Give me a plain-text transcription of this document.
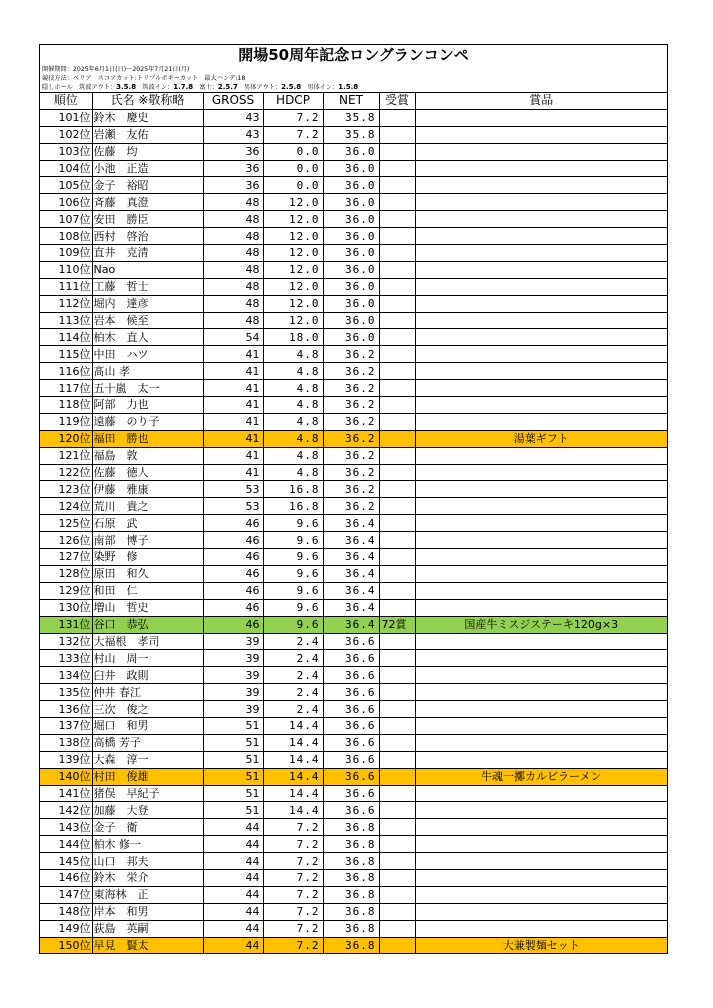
開場50周年記念ロングランコンペ
開催期間：2025年6月1日(日)～2025年7月21日(月)
競技方法：ペリア　スコアカット:トリプルボギーカット　最大ハンデ:18
隠しホール　筑波アウト：3.5.8　筑波イン：1.7.8　富士：2.5.7　男体アウト：2.5.8　男体イン：1.5.8
順位	氏名 ※敬称略	GROSS	HDCP	NET	受賞	賞品
101位	鈴木　慶史	43	7.2	35.8		
102位	岩瀬　友佑	43	7.2	35.8		
103位	佐藤　均	36	0.0	36.0		
104位	小池　正造	36	0.0	36.0		
105位	金子　裕昭	36	0.0	36.0		
106位	斉藤　真澄	48	12.0	36.0		
107位	安田　勝臣	48	12.0	36.0		
108位	西村　啓治	48	12.0	36.0		
109位	直井　克清	48	12.0	36.0		
110位	Nao	48	12.0	36.0		
111位	工藤　哲士	48	12.0	36.0		
112位	堀内　達彦	48	12.0	36.0		
113位	岩本　候至	48	12.0	36.0		
114位	柏木　直人	54	18.0	36.0		
115位	中田　ハツ	41	4.8	36.2		
116位	髙山 孝	41	4.8	36.2		
117位	五十嵐　太一	41	4.8	36.2		
118位	阿部　力也	41	4.8	36.2		
119位	遠藤　のり子	41	4.8	36.2		
120位	福田　勝也	41	4.8	36.2		湯葉ギフト
121位	福島　敦	41	4.8	36.2		
122位	佐藤　徳人	41	4.8	36.2		
123位	伊藤　雅康	53	16.8	36.2		
124位	荒川　貴之	53	16.8	36.2		
125位	石原　武	46	9.6	36.4		
126位	南部　博子	46	9.6	36.4		
127位	染野　修	46	9.6	36.4		
128位	原田　和久	46	9.6	36.4		
129位	和田　仁	46	9.6	36.4		
130位	増山　哲史	46	9.6	36.4		
131位	谷口　恭弘	46	9.6	36.4	72賞	国産牛ミスジステーキ120g×3
132位	大福根　孝司	39	2.4	36.6		
133位	村山　周一	39	2.4	36.6		
134位	臼井　政則	39	2.4	36.6		
135位	仲井 春江	39	2.4	36.6		
136位	三次　俊之	39	2.4	36.6		
137位	堀口　和男	51	14.4	36.6		
138位	高橋 芳子	51	14.4	36.6		
139位	大森　淳一	51	14.4	36.6		
140位	村田　俊雄	51	14.4	36.6		牛魂一擲カルビラーメン
141位	猪俣　早紀子	51	14.4	36.6		
142位	加藤　大登	51	14.4	36.6		
143位	金子　衛	44	7.2	36.8		
144位	柏木 修一	44	7.2	36.8		
145位	山口　邦夫	44	7.2	36.8		
146位	鈴木　栄介	44	7.2	36.8		
147位	東海林　正	44	7.2	36.8		
148位	岸本　和男	44	7.2	36.8		
149位	荻島　英嗣	44	7.2	36.8		
150位	早見　賢太	44	7.2	36.8		大兼製麺セット
